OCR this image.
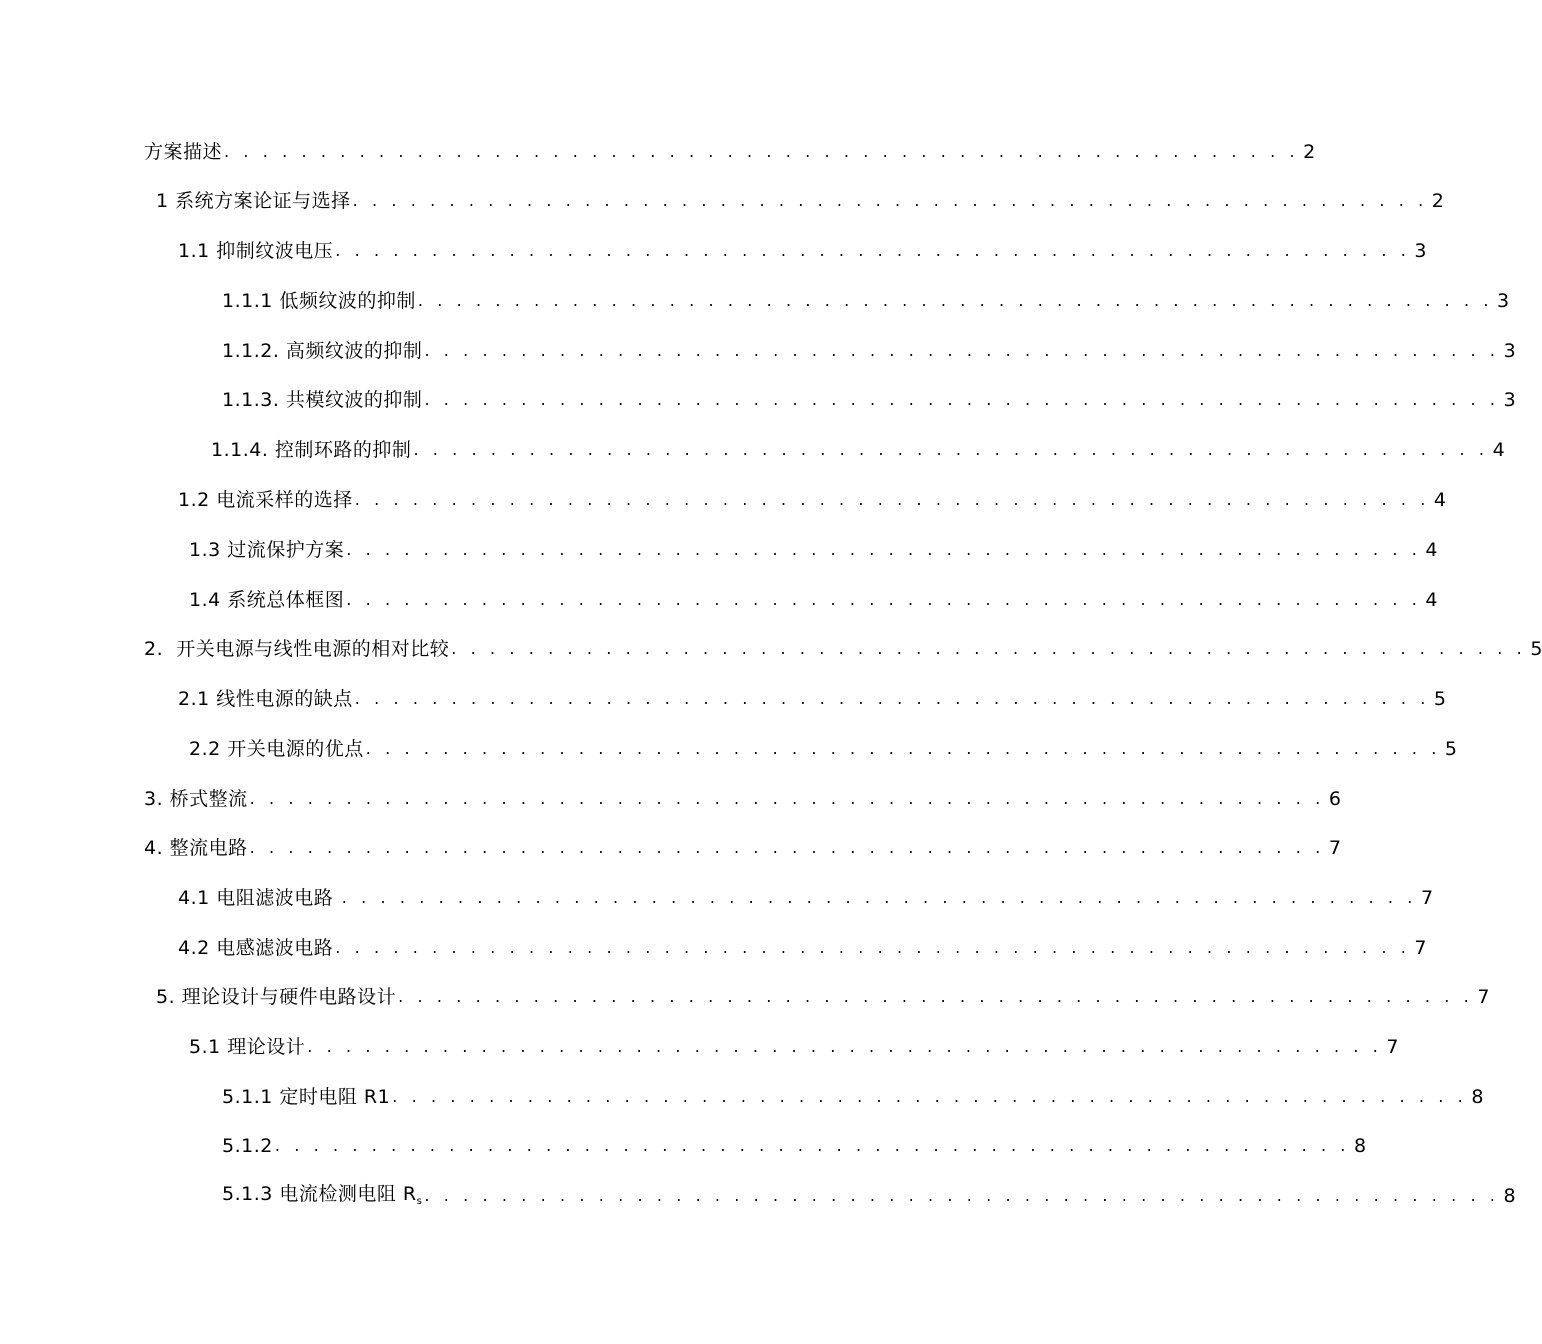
方案描述 . . . . . . . . . . . . . . . . . . . . . . . . . . . . . . . . . . . . . . . . . . . . . . . . . . . . . . . . 2
1 系统方案论证与选择 . . . . . . . . . . . . . . . . . . . . . . . . . . . . . . . . . . . . . . . . . . . . . . . . . . . . . . . . 2
1.1 抑制纹波电压 . . . . . . . . . . . . . . . . . . . . . . . . . . . . . . . . . . . . . . . . . . . . . . . . . . . . . . . . 3
1.1.1 低频纹波的抑制 . . . . . . . . . . . . . . . . . . . . . . . . . . . . . . . . . . . . . . . . . . . . . . . . . . . . . . . . 3
1.1.2. 高频纹波的抑制 . . . . . . . . . . . . . . . . . . . . . . . . . . . . . . . . . . . . . . . . . . . . . . . . . . . . . . . . 3
1.1.3. 共模纹波的抑制 . . . . . . . . . . . . . . . . . . . . . . . . . . . . . . . . . . . . . . . . . . . . . . . . . . . . . . . . 3
1.1.4. 控制环路的抑制 . . . . . . . . . . . . . . . . . . . . . . . . . . . . . . . . . . . . . . . . . . . . . . . . . . . . . . . . 4
1.2 电流采样的选择 . . . . . . . . . . . . . . . . . . . . . . . . . . . . . . . . . . . . . . . . . . . . . . . . . . . . . . . . 4
1.3 过流保护方案 . . . . . . . . . . . . . . . . . . . . . . . . . . . . . . . . . . . . . . . . . . . . . . . . . . . . . . . . 4
1.4 系统总体框图 . . . . . . . . . . . . . . . . . . . . . . . . . . . . . . . . . . . . . . . . . . . . . . . . . . . . . . . . 4
2.  开关电源与线性电源的相对比较 . . . . . . . . . . . . . . . . . . . . . . . . . . . . . . . . . . . . . . . . . . . . . . . . . . . . . . . . 5
2.1 线性电源的缺点 . . . . . . . . . . . . . . . . . . . . . . . . . . . . . . . . . . . . . . . . . . . . . . . . . . . . . . . . 5
2.2 开关电源的优点 . . . . . . . . . . . . . . . . . . . . . . . . . . . . . . . . . . . . . . . . . . . . . . . . . . . . . . . . 5
3. 桥式整流 . . . . . . . . . . . . . . . . . . . . . . . . . . . . . . . . . . . . . . . . . . . . . . . . . . . . . . . . 6
4. 整流电路 . . . . . . . . . . . . . . . . . . . . . . . . . . . . . . . . . . . . . . . . . . . . . . . . . . . . . . . . 7
4.1 电阻滤波电路 . . . . . . . . . . . . . . . . . . . . . . . . . . . . . . . . . . . . . . . . . . . . . . . . . . . . . . . . 7
4.2 电感滤波电路 . . . . . . . . . . . . . . . . . . . . . . . . . . . . . . . . . . . . . . . . . . . . . . . . . . . . . . . . 7
5. 理论设计与硬件电路设计 . . . . . . . . . . . . . . . . . . . . . . . . . . . . . . . . . . . . . . . . . . . . . . . . . . . . . . . . 7
5.1 理论设计 . . . . . . . . . . . . . . . . . . . . . . . . . . . . . . . . . . . . . . . . . . . . . . . . . . . . . . . . 7
5.1.1 定时电阻 R1 . . . . . . . . . . . . . . . . . . . . . . . . . . . . . . . . . . . . . . . . . . . . . . . . . . . . . . . . 8
5.1.2 . . . . . . . . . . . . . . . . . . . . . . . . . . . . . . . . . . . . . . . . . . . . . . . . . . . . . . . . 8
5.1.3 电流检测电阻 $R_s$ . . . . . . . . . . . . . . . . . . . . . . . . . . . . . . . . . . . . . . . . . . . . . . . . . . . . . . . . 8
